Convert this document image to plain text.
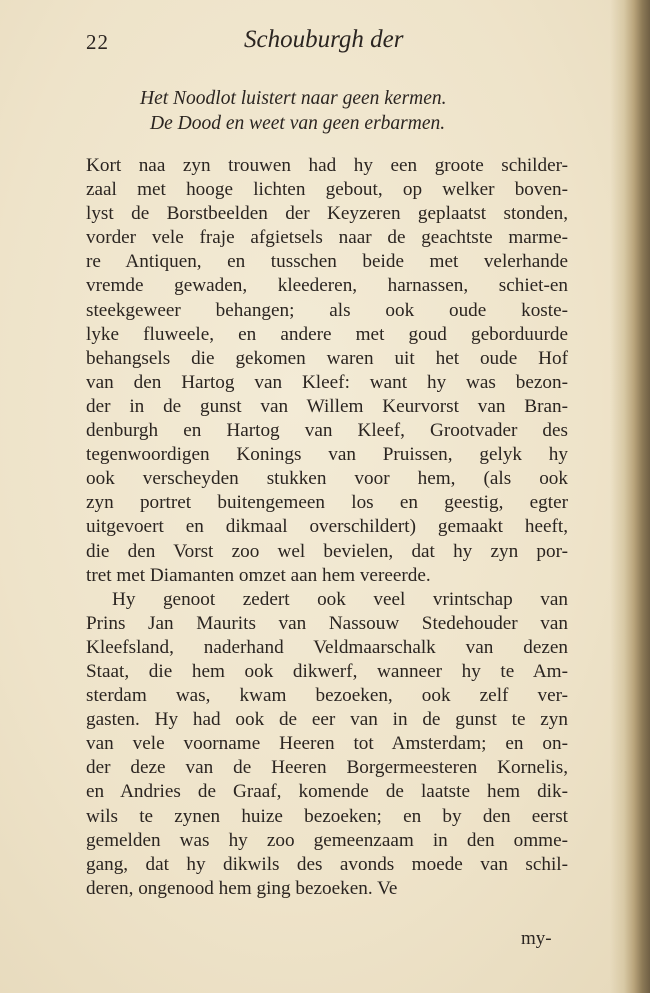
22	Schouburgh der
Het Noodlot luistert naar geen kermen.
De Dood en weet van geen erbarmen.
Kort naa zyn trouwen had hy een groote schilder-
zaal met hooge lichten gebout, op welker boven-
lyst de Borstbeelden der Keyzeren geplaatst stonden,
vorder vele fraje afgietsels naar de geachtste marme-
re Antiquen, en tusschen beide met velerhande
vremde gewaden, kleederen, harnassen, schiet-en
steekgeweer behangen; als ook oude koste-
lyke fluweele, en andere met goud geborduurde
behangsels die gekomen waren uit het oude Hof
van den Hartog van Kleef: want hy was bezon-
der in de gunst van Willem Keurvorst van Bran-
denburgh en Hartog van Kleef, Grootvader des
tegenwoordigen Konings van Pruissen, gelyk hy
ook verscheyden stukken voor hem, (als ook
zyn portret buitengemeen los en geestig, egter
uitgevoert en dikmaal overschildert) gemaakt heeft,
die den Vorst zoo wel bevielen, dat hy zyn por-
tret met Diamanten omzet aan hem vereerde.
Hy genoot zedert ook veel vrintschap van
Prins Jan Maurits van Nassouw Stedehouder van
Kleefsland, naderhand Veldmaarschalk van dezen
Staat, die hem ook dikwerf, wanneer hy te Am-
sterdam was, kwam bezoeken, ook zelf ver-
gasten. Hy had ook de eer van in de gunst te zyn
van vele voorname Heeren tot Amsterdam; en on-
der deze van de Heeren Borgermeesteren Kornelis,
en Andries de Graaf, komende de laatste hem dik-
wils te zynen huize bezoeken; en by den eerst
gemelden was hy zoo gemeenzaam in den omme-
gang, dat hy dikwils des avonds moede van schil-
deren, ongenood hem ging bezoeken. Ve
my-
